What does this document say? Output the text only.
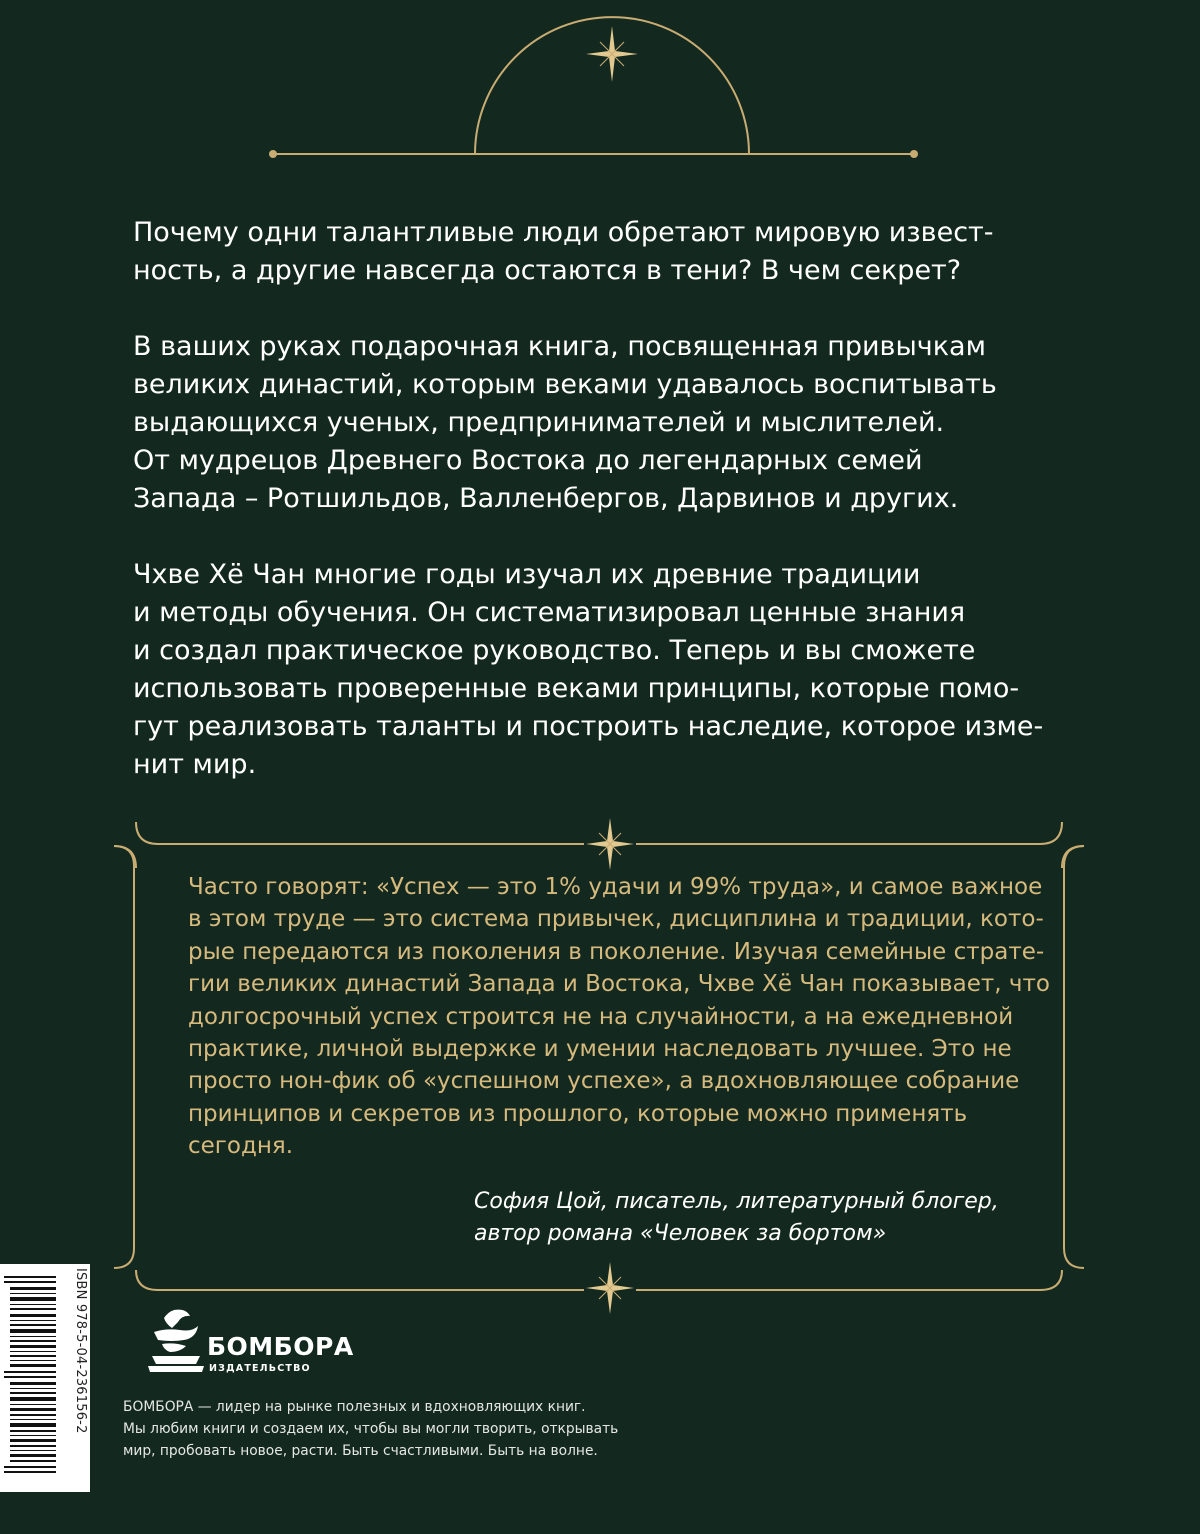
Почему одни талантливые люди обретают мировую извест-
ность, а другие навсегда остаются в тени? В чем секрет?

В ваших руках подарочная книга, посвященная привычкам
великих династий, которым веками удавалось воспитывать
выдающихся ученых, предпринимателей и мыслителей.
От мудрецов Древнего Востока до легендарных семей
Запада – Ротшильдов, Валленбергов, Дарвинов и других.

Чхве Хё Чан многие годы изучал их древние традиции
и методы обучения. Он систематизировал ценные знания
и создал практическое руководство. Теперь и вы сможете
использовать проверенные веками принципы, которые помо-
гут реализовать таланты и построить наследие, которое изме-
нит мир.

Часто говорят: «Успех — это 1% удачи и 99% труда», и самое важное
в этом труде — это система привычек, дисциплина и традиции, кото-
рые передаются из поколения в поколение. Изучая семейные страте-
гии великих династий Запада и Востока, Чхве Хё Чан показывает, что
долгосрочный успех строится не на случайности, а на ежедневной
практике, личной выдержке и умении наследовать лучшее. Это не
просто нон-фик об «успешном успехе», а вдохновляющее собрание
принципов и секретов из прошлого, которые можно применять
сегодня.
София Цой, писатель, литературный блогер,
автор романа «Человек за бортом»
ISBN 978-5-04-236156-2	БОМБОРА
ИЗДАТЕЛЬСТВО
БОМБОРА — лидер на рынке полезных и вдохновляющих книг.
Мы любим книги и создаем их, чтобы вы могли творить, открывать
мир, пробовать новое, расти. Быть счастливыми. Быть на волне.
